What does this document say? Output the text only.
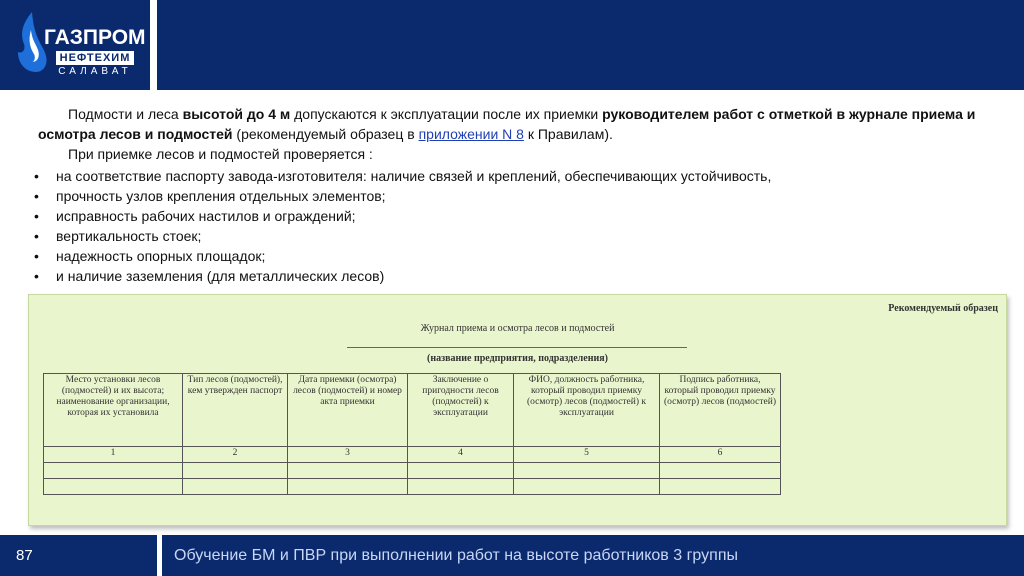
ГАЗПРОМ
НЕФТЕХИМ
САЛАВАТ

Подмости и леса высотой до 4 м допускаются к эксплуатации после их приемки руководителем работ с отметкой в журнале приема и осмотра лесов и подмостей (рекомендуемый образец в приложении N 8 к Правилам).

При приемке лесов и подмостей проверяется :

• на соответствие паспорту завода-изготовителя: наличие связей и креплений, обеспечивающих устойчивость,
• прочность узлов крепления отдельных элементов;
• исправность рабочих настилов и ограждений;
• вертикальность стоек;
• надежность опорных площадок;
• и наличие заземления (для металлических лесов)
Рекомендуемый образец
Журнал приема и осмотра лесов и подмостей
(название предприятия, подразделения)
Место установки лесов (подмостей) и их высота; наименование организации, которая их установила	Тип лесов (подмостей), кем утвержден паспорт	Дата приемки (осмотра) лесов (подмостей) и номер акта приемки	Заключение о пригодности лесов (подмостей) к эксплуатации	ФИО, должность работника, который проводил приемку (осмотр) лесов (подмостей) к эксплуатации	Подпись работника, который проводил приемку (осмотр) лесов (подмостей)
1	2	3	4	5	6

87	Обучение БМ и ПВР при выполнении работ на высоте работников 3 группы
